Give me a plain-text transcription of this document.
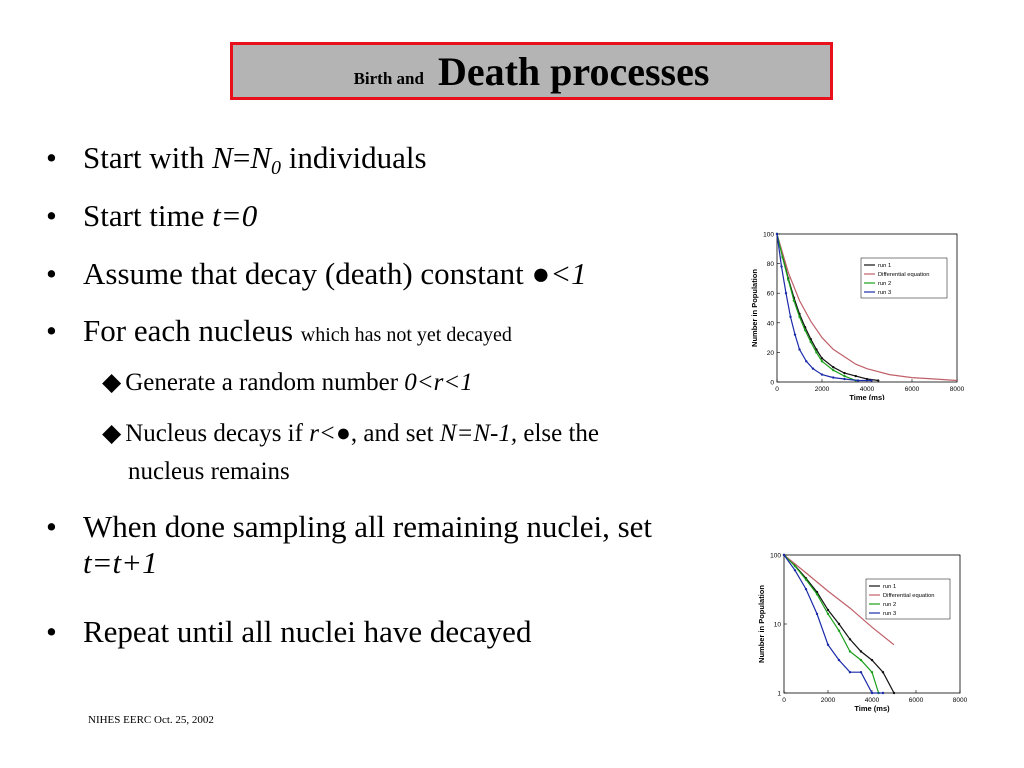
Birth and Death processes
• Start with N=N0 individuals
• Start time t=0
• Assume that decay (death) constant ●<1
• For each nucleus which has not yet decayed
◆ Generate a random number 0<r<1
◆ Nucleus decays if r<●, and set N=N-1, else the
nucleus remains
• When done sampling all remaining nuclei, set
t=t+1
• Repeat until all nuclei have decayed
NIHES EERC Oct. 25, 2002
0	2000	4000	6000	8000
0
20
40
60
80
100
Time (ms)
Number in Population
run 1
Differential equation
run 2
run 3
0	2000	4000	6000	8000
1
10
100
Time (ms)
Number in Population	run 1
Differential equation
run 2
run 3
